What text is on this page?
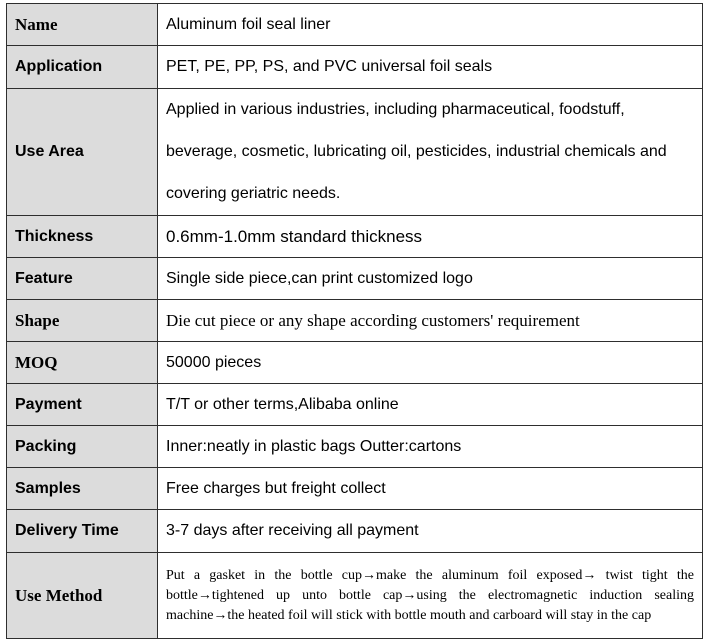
Name	Aluminum foil seal liner
Application	PET, PE, PP, PS, and PVC universal foil seals
Use Area	Applied in various industries, including pharmaceutical, foodstuff, beverage, cosmetic, lubricating oil, pesticides, industrial chemicals and covering geriatric needs.
Thickness	0.6mm-1.0mm standard thickness
Feature	Single side piece,can print customized logo
Shape	Die cut piece or any shape according customers' requirement
MOQ	50000 pieces
Payment	T/T or other terms,Alibaba online
Packing	Inner:neatly in plastic bags Outter:cartons
Samples	Free charges but freight collect
Delivery Time	3-7 days after receiving all payment
Use Method	Put a gasket in the bottle cup→make the aluminum foil exposed→ twist tight the bottle→tightened up unto bottle cap→using the electromagnetic induction sealing machine→the heated foil will stick with bottle mouth and carboard will stay in the cap
